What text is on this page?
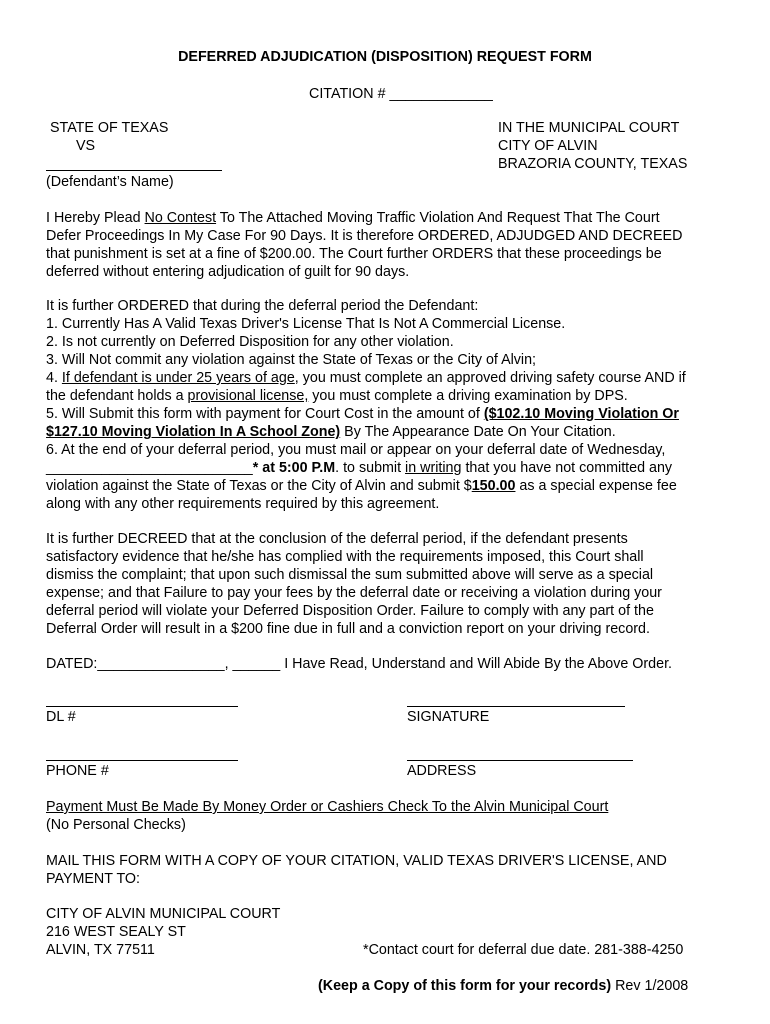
DEFERRED ADJUDICATION (DISPOSITION) REQUEST FORM
CITATION # _____________
STATE OF TEXAS
VS
(Defendant’s Name)
IN THE MUNICIPAL COURT
CITY OF ALVIN
BRAZORIA COUNTY, TEXAS
I Hereby Plead No Contest To The Attached Moving Traffic Violation And Request That The Court
Defer Proceedings In My Case For 90 Days. It is therefore ORDERED, ADJUDGED AND DECREED
that punishment is set at a fine of $200.00. The Court further ORDERS that these proceedings be
deferred without entering adjudication of guilt for 90 days.
It is further ORDERED that during the deferral period the Defendant:
1. Currently Has A Valid Texas Driver's License That Is Not A Commercial License.
2. Is not currently on Deferred Disposition for any other violation.
3. Will Not commit any violation against the State of Texas or the City of Alvin;
4. If defendant is under 25 years of age, you must complete an approved driving safety course AND if
the defendant holds a provisional license, you must complete a driving examination by DPS.
5. Will Submit this form with payment for Court Cost in the amount of ($102.10 Moving Violation Or
$127.10 Moving Violation In A School Zone) By The Appearance Date On Your Citation.
6. At the end of your deferral period, you must mail or appear on your deferral date of Wednesday,
__________________________* at 5:00 P.M. to submit in writing that you have not committed any
violation against the State of Texas or the City of Alvin and submit $150.00 as a special expense fee
along with any other requirements required by this agreement.
It is further DECREED that at the conclusion of the deferral period, if the defendant presents
satisfactory evidence that he/she has complied with the requirements imposed, this Court shall
dismiss the complaint; that upon such dismissal the sum submitted above will serve as a special
expense; and that Failure to pay your fees by the deferral date or receiving a violation during your
deferral period will violate your Deferred Disposition Order. Failure to comply with any part of the
Deferral Order will result in a $200 fine due in full and a conviction report on your driving record.
DATED:________________, ______ I Have Read, Understand and Will Abide By the Above Order.
DL #	SIGNATURE
PHONE #	ADDRESS
Payment Must Be Made By Money Order or Cashiers Check To the Alvin Municipal Court
(No Personal Checks)
MAIL THIS FORM WITH A COPY OF YOUR CITATION, VALID TEXAS DRIVER'S LICENSE, AND
PAYMENT TO:
CITY OF ALVIN MUNICIPAL COURT
216 WEST SEALY ST
ALVIN, TX 77511	*Contact court for deferral due date. 281-388-4250
(Keep a Copy of this form for your records) Rev 1/2008
